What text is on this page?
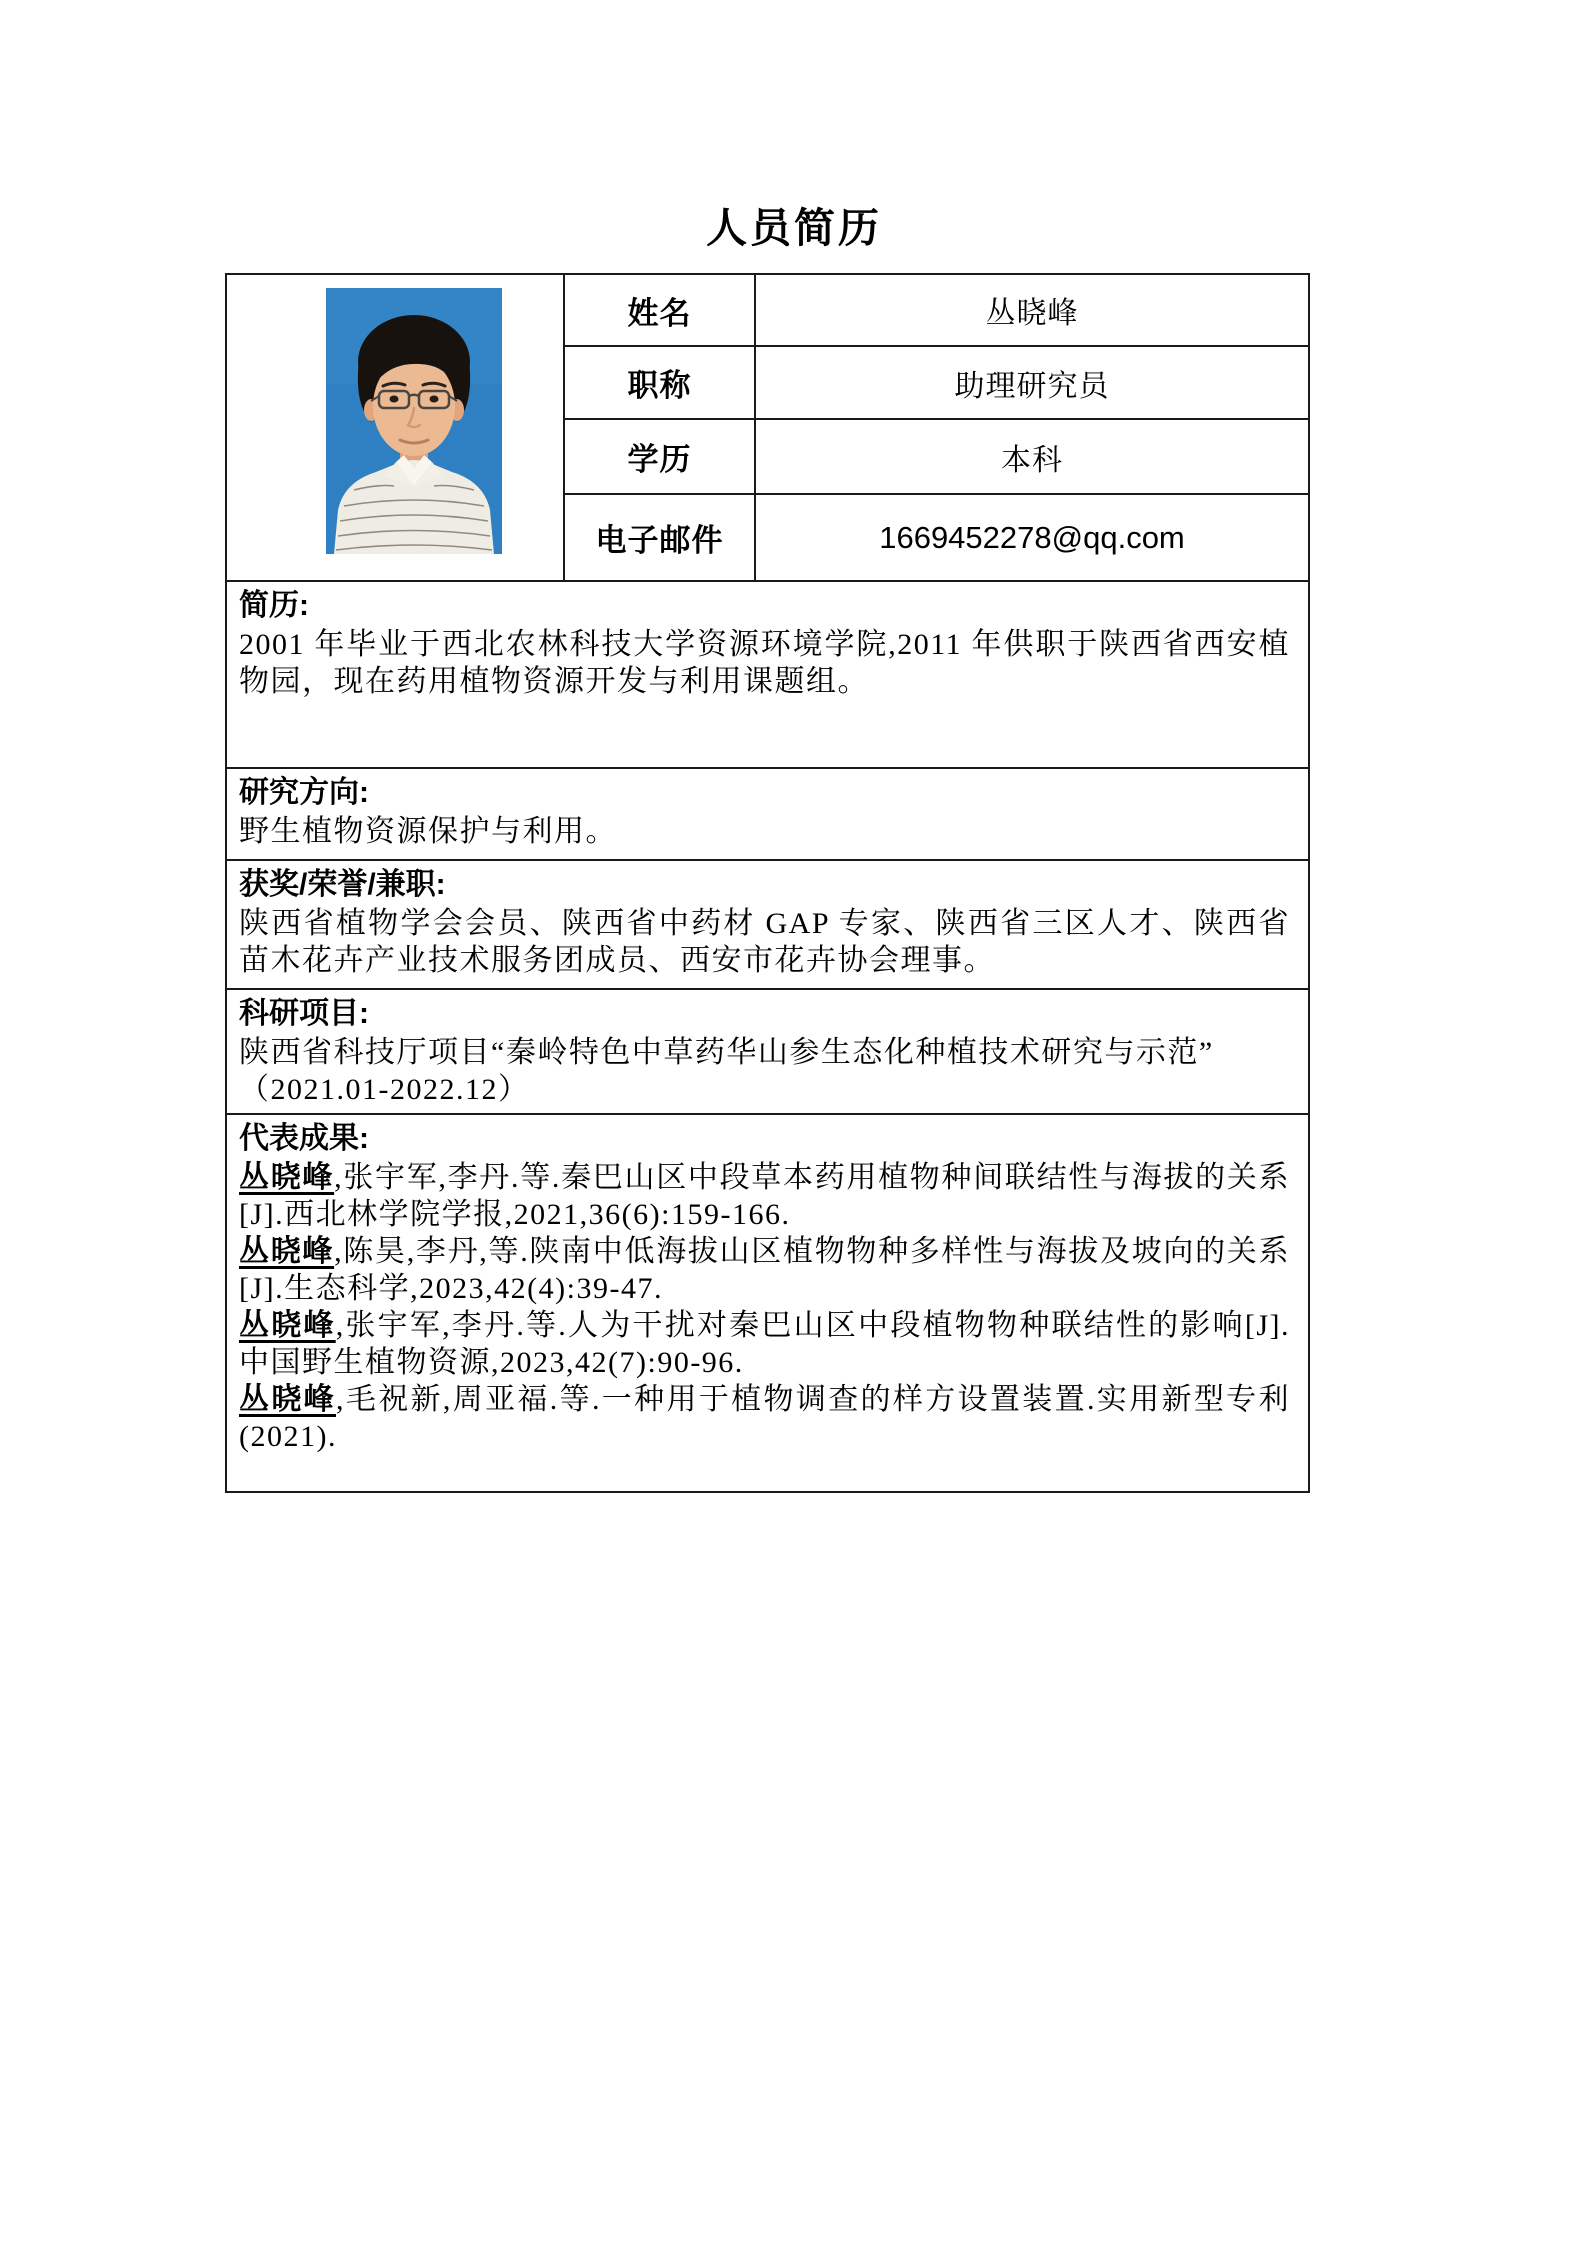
人员简历
姓名	丛晓峰
职称	助理研究员
学历	本科
电子邮件	1669452278@qq.com

简历:

2001 年毕业于西北农林科技大学资源环境学院,2011 年供职于陕西省西安植物园，现在药用植物资源开发与利用课题组。

研究方向:

野生植物资源保护与利用。

获奖/荣誉/兼职:

陕西省植物学会会员、陕西省中药材 GAP 专家、陕西省三区人才、陕西省苗木花卉产业技术服务团成员、西安市花卉协会理事。

科研项目:

陕西省科技厅项目“秦岭特色中草药华山参生态化种植技术研究与示范”

（2021.01-2022.12）

代表成果:

丛晓峰,张宇军,李丹.等.秦巴山区中段草本药用植物种间联结性与海拔的关系[J].西北林学院学报,2021,36(6):159-166.

丛晓峰,陈昊,李丹,等.陕南中低海拔山区植物物种多样性与海拔及坡向的关系[J].生态科学,2023,42(4):39-47.

丛晓峰,张宇军,李丹.等.人为干扰对秦巴山区中段植物物种联结性的影响[J].中国野生植物资源,2023,42(7):90-96.

丛晓峰,毛祝新,周亚福.等.一种用于植物调查的样方设置装置.实用新型专利(2021).
